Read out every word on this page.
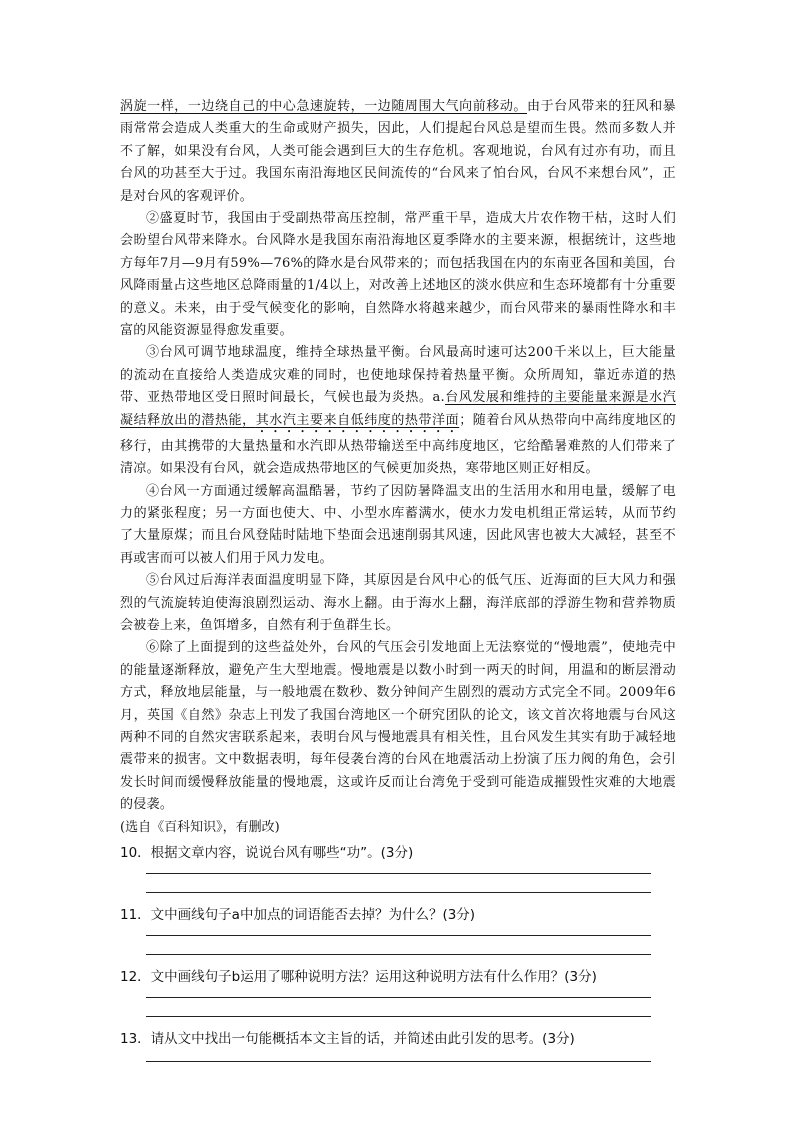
涡旋一样，一边绕自己的中心急速旋转，一边随周围大气向前移动。由于台风带来的狂风和暴雨常常会造成人类重大的生命或财产损失，因此，人们提起台风总是望而生畏。然而多数人并不了解，如果没有台风，人类可能会遇到巨大的生存危机。客观地说，台风有过亦有功，而且台风的功甚至大于过。我国东南沿海地区民间流传的“台风来了怕台风，台风不来想台风”，正是对台风的客观评价。

②盛夏时节，我国由于受副热带高压控制，常严重干旱，造成大片农作物干枯，这时人们会盼望台风带来降水。台风降水是我国东南沿海地区夏季降水的主要来源，根据统计，这些地方每年7月—9月有59%—76%的降水是台风带来的；而包括我国在内的东南亚各国和美国，台风降雨量占这些地区总降雨量的1/4以上，对改善上述地区的淡水供应和生态环境都有十分重要的意义。未来，由于受气候变化的影响，自然降水将越来越少，而台风带来的暴雨性降水和丰富的风能资源显得愈发重要。

③台风可调节地球温度，维持全球热量平衡。台风最高时速可达200千米以上，巨大能量的流动在直接给人类造成灾难的同时，也使地球保持着热量平衡。众所周知，靠近赤道的热带、亚热带地区受日照时间最长，气候也最为炎热。a.台风发展和维持的主要能量来源是水汽凝结释放出的潜热能，其水汽主要来自低纬度的热带洋面；随着台风从热带向中高纬度地区的移行，由其携带的大量热量和水汽即从热带输送至中高纬度地区，它给酷暑难熬的人们带来了清凉。如果没有台风，就会造成热带地区的气候更加炎热，寒带地区则正好相反。

④台风一方面通过缓解高温酷暑，节约了因防暑降温支出的生活用水和用电量，缓解了电力的紧张程度；另一方面也使大、中、小型水库蓄满水，使水力发电机组正常运转，从而节约了大量原煤；而且台风登陆时陆地下垫面会迅速削弱其风速，因此风害也被大大减轻，甚至不再或害而可以被人们用于风力发电。

⑤台风过后海洋表面温度明显下降，其原因是台风中心的低气压、近海面的巨大风力和强烈的气流旋转迫使海浪剧烈运动、海水上翻。由于海水上翻，海洋底部的浮游生物和营养物质会被卷上来，鱼饵增多，自然有利于鱼群生长。

⑥除了上面提到的这些益处外，台风的气压会引发地面上无法察觉的“慢地震”，使地壳中的能量逐渐释放，避免产生大型地震。慢地震是以数小时到一两天的时间，用温和的断层滑动方式，释放地层能量，与一般地震在数秒、数分钟间产生剧烈的震动方式完全不同。2009年6月，英国《自然》杂志上刊发了我国台湾地区一个研究团队的论文，该文首次将地震与台风这两种不同的自然灾害联系起来，表明台风与慢地震具有相关性，且台风发生其实有助于减轻地震带来的损害。文中数据表明，每年侵袭台湾的台风在地震活动上扮演了压力阀的角色，会引发长时间而缓慢释放能量的慢地震，这或许反而让台湾免于受到可能造成摧毁性灾难的大地震的侵袭。

(选自《百科知识》，有删改)

10．根据文章内容，说说台风有哪些“功”。(3分)

11．文中画线句子a中加点的词语能否去掉？为什么？(3分)

12．文中画线句子b运用了哪种说明方法？运用这种说明方法有什么作用？(3分)

13．请从文中找出一句能概括本文主旨的话，并简述由此引发的思考。(3分)
